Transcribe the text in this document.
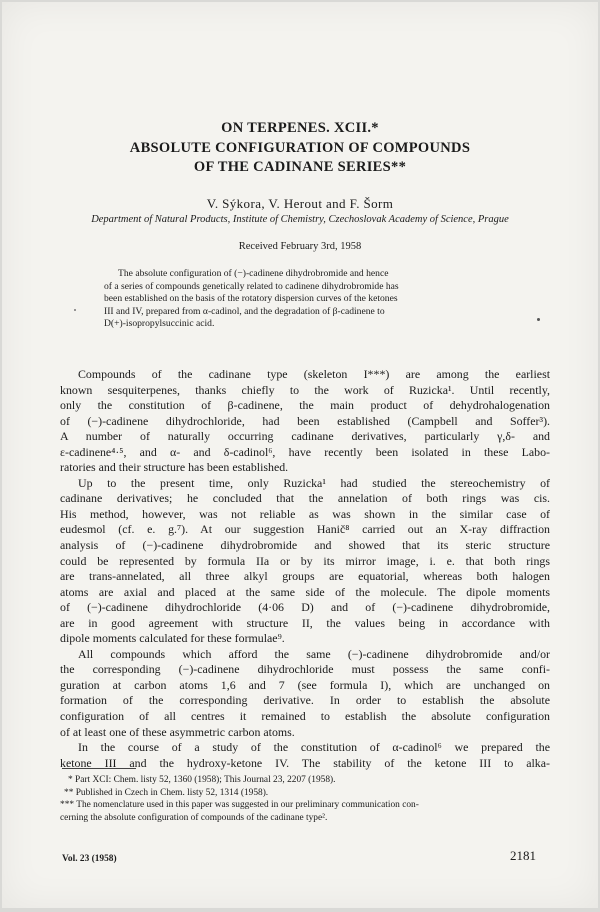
ON TERPENES. XCII.*
ABSOLUTE CONFIGURATION OF COMPOUNDS
OF THE CADINANE SERIES**
V. Sýkora, V. Herout and F. Šorm
Department of Natural Products, Institute of Chemistry, Czechoslovak Academy of Science, Prague
Received February 3rd, 1958

The absolute configuration of (−)-cadinene dihydrobromide and hence

of a series of compounds genetically related to cadinene dihydrobromide has

been established on the basis of the rotatory dispersion curves of the ketones

III and IV, prepared from α-cadinol, and the degradation of β-cadinene to

D(+)-isopropylsuccinic acid.

Compounds of the cadinane type (skeleton I***) are among the earliest
known sesquiterpenes, thanks chiefly to the work of Ruzicka¹. Until recently,
only the constitution of β-cadinene, the main product of dehydrohalogenation
of (−)-cadinene dihydrochloride, had been established (Campbell and Soffer³).
A number of naturally occurring cadinane derivatives, particularly γ,δ- and
ε-cadinene⁴·⁵, and α- and δ-cadinol⁶, have recently been isolated in these Labo-
ratories and their structure has been established.
Up to the present time, only Ruzicka¹ had studied the stereochemistry of
cadinane derivatives; he concluded that the annelation of both rings was cis.
His method, however, was not reliable as was shown in the similar case of
eudesmol (cf. e. g.⁷). At our suggestion Hanič⁸ carried out an X-ray diffraction
analysis of (−)-cadinene dihydrobromide and showed that its steric structure
could be represented by formula IIa or by its mirror image, i. e. that both rings
are trans-annelated, all three alkyl groups are equatorial, whereas both halogen
atoms are axial and placed at the same side of the molecule. The dipole moments
of (−)-cadinene dihydrochloride (4·06 D) and of (−)-cadinene dihydrobromide,
are in good agreement with structure II, the values being in accordance with
dipole moments calculated for these formulae⁹.
All compounds which afford the same (−)-cadinene dihydrobromide and/or
the corresponding (−)-cadinene dihydrochloride must possess the same confi-
guration at carbon atoms 1,6 and 7 (see formula I), which are unchanged on
formation of the corresponding derivative. In order to establish the absolute
configuration of all centres it remained to establish the absolute configuration
of at least one of these asymmetric carbon atoms.
In the course of a study of the constitution of α-cadinol⁶ we prepared the
ketone III and the hydroxy-ketone IV. The stability of the ketone III to alka-
* Part XCI: Chem. listy 52, 1360 (1958); This Journal 23, 2207 (1958).
** Published in Czech in Chem. listy 52, 1314 (1958).
*** The nomenclature used in this paper was suggested in our preliminary communication con-
cerning the absolute configuration of compounds of the cadinane type².
Vol. 23 (1958)	2181
